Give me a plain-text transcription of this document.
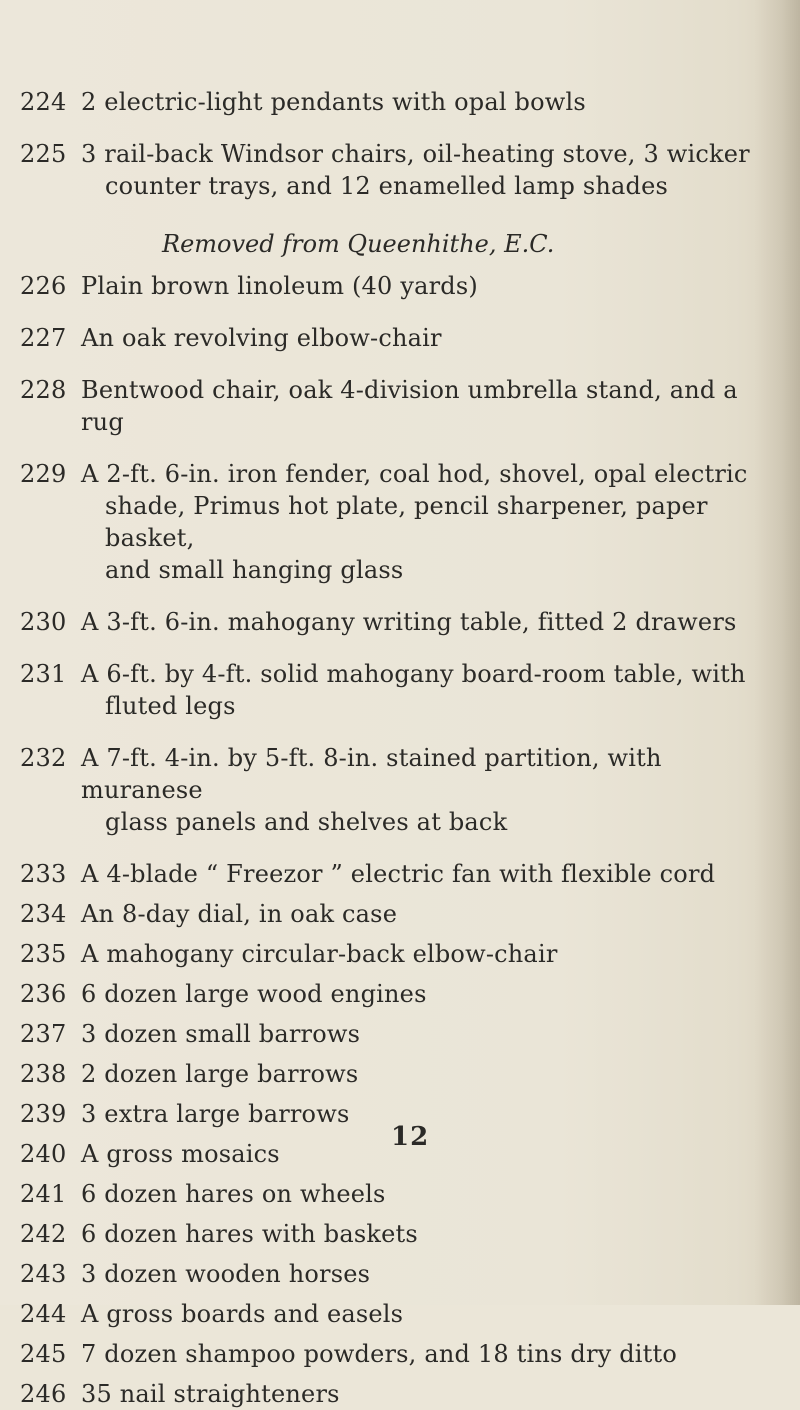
224 2 electric-light pendants with opal bowls
225 3 rail-back Windsor chairs, oil-heating stove, 3 wicker
counter trays, and 12 enamelled lamp shades
Removed from Queenhithe, E.C.
226 Plain brown linoleum (40 yards)
227 An oak revolving elbow-chair
228 Bentwood chair, oak 4-division umbrella stand, and a rug
229 A 2-ft. 6-in. iron fender, coal hod, shovel, opal electric
shade, Primus hot plate, pencil sharpener, paper basket,
and small hanging glass
230 A 3-ft. 6-in. mahogany writing table, fitted 2 drawers
231 A 6-ft. by 4-ft. solid mahogany board-room table, with
fluted legs
232 A 7-ft. 4-in. by 5-ft. 8-in. stained partition, with muranese
glass panels and shelves at back
233 A 4-blade “ Freezor ” electric fan with flexible cord
234 An 8-day dial, in oak case
235 A mahogany circular-back elbow-chair
236 6 dozen large wood engines
237 3 dozen small barrows
238 2 dozen large barrows
239 3 extra large barrows
240 A gross mosaics
241 6 dozen hares on wheels
242 6 dozen hares with baskets
243 3 dozen wooden horses
244 A gross boards and easels
245 7 dozen shampoo powders, and 18 tins dry ditto
246 35 nail straighteners
12
